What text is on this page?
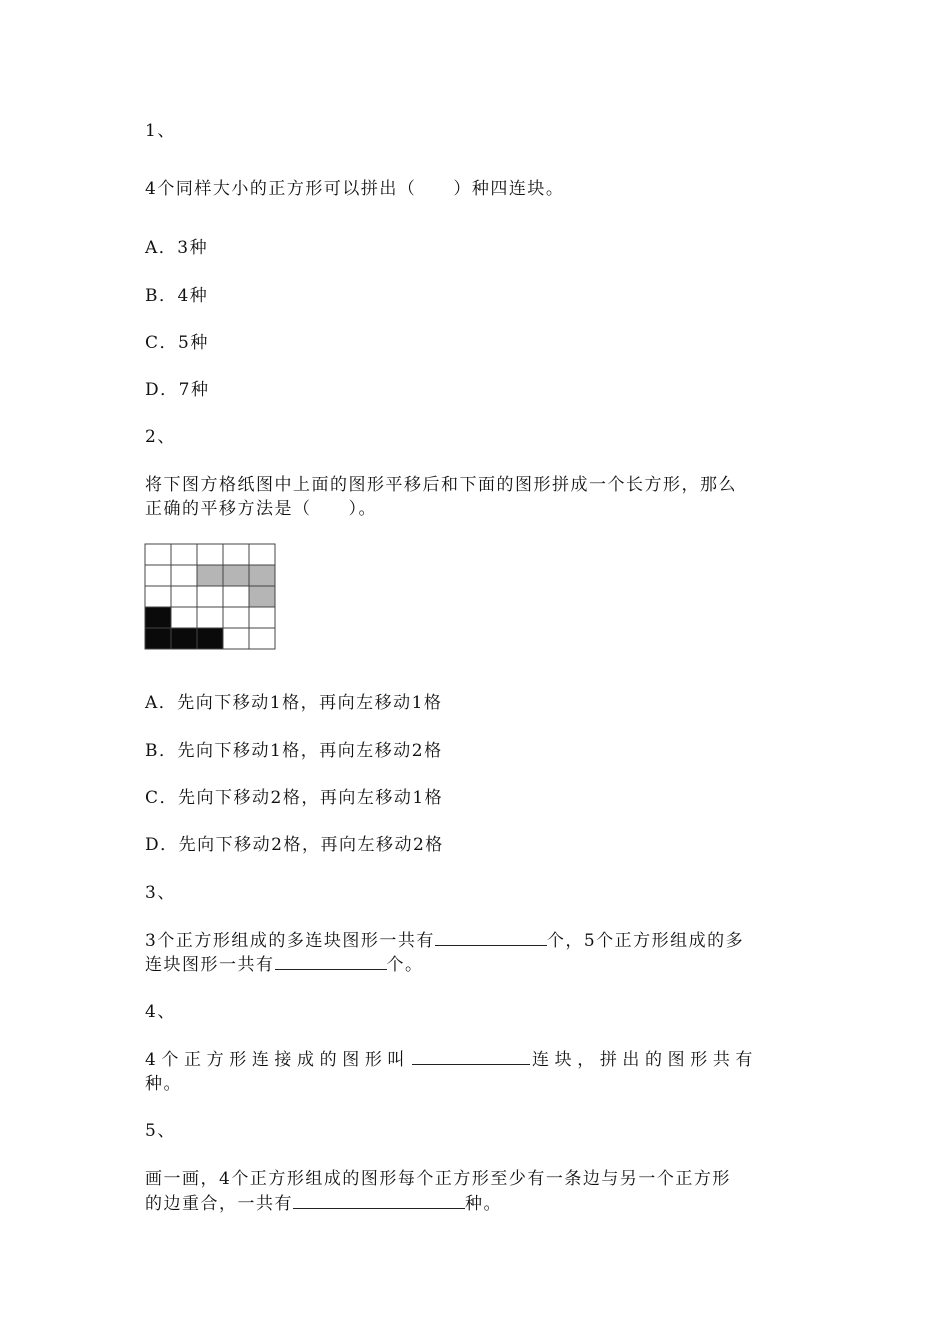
1、
4个同样大小的正方形可以拼出（　　）种四连块。
A．3种
B．4种
C．5种
D．7种
2、
将下图方格纸图中上面的图形平移后和下面的图形拼成一个长方形，那么
正确的平移方法是（　　）。
A．先向下移动1格，再向左移动1格
B．先向下移动1格，再向左移动2格
C．先向下移动2格，再向左移动1格
D．先向下移动2格，再向左移动2格
3、
3个正方形组成的多连块图形一共有	个，5个正方形组成的多
连块图形一共有	个。
4、
4个正方形连接成的图形叫	连块，拼出的图形共有
种。
5、
画一画，4个正方形组成的图形每个正方形至少有一条边与另一个正方形
的边重合，一共有	种。
